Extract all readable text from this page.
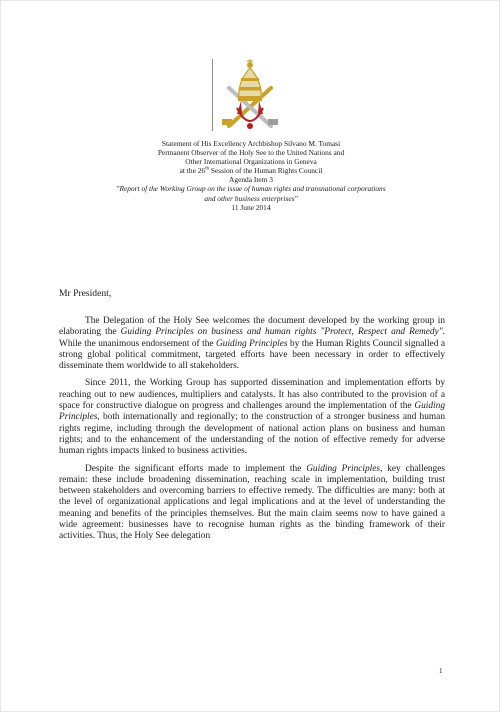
Statement of His Excellency Archbishop Silvano M. Tomasi
Permanent Observer of the Holy See to the United Nations and
Other International Organizations in Geneva
at the 26th Session of the Human Rights Council
Agenda Item 3
"Report of the Working Group on the issue of human rights and transnational corporations
and other business enterprises"
11 June 2014
Mr President,

The Delegation of the Holy See welcomes the document developed by the working group in elaborating the Guiding Principles on business and human rights "Protect, Respect and Remedy". While the unanimous endorsement of the Guiding Principles by the Human Rights Council signalled a strong global political commitment, targeted efforts have been necessary in order to effectively disseminate them worldwide to all stakeholders.

Since 2011, the Working Group has supported dissemination and implementation efforts by reaching out to new audiences, multipliers and catalysts. It has also contributed to the provision of a space for constructive dialogue on progress and challenges around the implementation of the Guiding Principles, both internationally and regionally; to the construction of a stronger business and human rights regime, including through the development of national action plans on business and human rights; and to the enhancement of the understanding of the notion of effective remedy for adverse human rights impacts linked to business activities.

Despite the significant efforts made to implement the Guiding Principles, key challenges remain: these include broadening dissemination, reaching scale in implementation, building trust between stakeholders and overcoming barriers to effective remedy. The difficulties are many: both at the level of organizational applications and legal implications and at the level of understanding the meaning and benefits of the principles themselves. But the main claim seems now to have gained a wide agreement: businesses have to recognise human rights as the binding framework of their activities. Thus, the Holy See delegation

1
